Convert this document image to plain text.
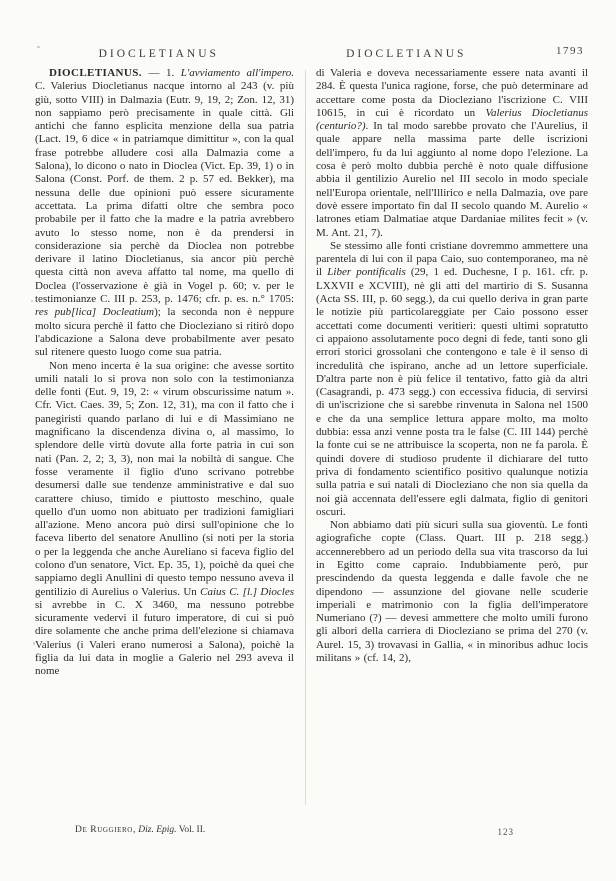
DIOCLETIANUS	DIOCLETIANUS	1793

DIOCLETIANUS. — 1. L'avviamento all'impero. C. Valerius Diocletianus nacque intorno al 243 (v. più giù, sotto VIII) in Dalmazia (Eutr. 9, 19, 2; Zon. 12, 31) non sappiamo però precisamente in quale città. Gli antichi che fanno esplicita menzione della sua patria (Lact. 19, 6 dice « in patriamque dimittitur », con la qual frase potrebbe alludere così alla Dalmazia come a Salona), lo dicono o nato in Dioclea (Vict. Ep. 39, 1) o in Salona (Const. Porf. de them. 2 p. 57 ed. Bekker), ma nessuna delle due opinioni può essere sicuramente accettata. La prima difatti oltre che sembra poco probabile per il fatto che la madre e la patria avrebbero avuto lo stesso nome, non è da prendersi in considerazione sia perchè da Dioclea non potrebbe derivare il latino Diocletianus, sia ancor più perchè questa città non aveva affatto tal nome, ma quello di Doclea (l'osservazione è già in Vogel p. 60; v. per le testimonianze C. III p. 253, p. 1476; cfr. p. es. n.° 1705: res pub[lica] Docleatium); la seconda non è neppure molto sicura perchè il fatto che Diocleziano si ritirò dopo l'abdicazione a Salona deve probabilmente aver pesato sul ritenere questo luogo come sua patria.

Non meno incerta è la sua origine: che avesse sortito umili natali lo si prova non solo con la testimonianza delle fonti (Eut. 9, 19, 2: « virum obscurissime natum ». Cfr. Vict. Caes. 39, 5; Zon. 12, 31), ma con il fatto che i panegiristi quando parlano di lui e di Massimiano ne magnificano la discendenza divina o, al massimo, lo splendore delle virtù dovute alla forte patria in cui son nati (Pan. 2, 2; 3, 3), non mai la nobiltà di sangue. Che fosse veramente il figlio d'uno scrivano potrebbe desumersi dalle sue tendenze amministrative e dal suo carattere chiuso, timido e piuttosto meschino, quale quello d'un uomo non abituato per tradizioni famigliari all'azione. Meno ancora può dirsi sull'opinione che lo faceva liberto del senatore Anullino (si noti per la storia o per la leggenda che anche Aureliano si faceva figlio del colono d'un senatore, Vict. Ep. 35, 1), poichè da quei che sappiamo degli Anullini di questo tempo nessuno aveva il gentilizio di Aurelius o Valerius. Un Caius C. [l.] Diocles si avrebbe in C. X 3460, ma nessuno potrebbe sicuramente vedervi il futuro imperatore, di cui si può dire solamente che anche prima dell'elezione si chiamava Valerius (i Valeri erano numerosi a Salona), poichè la figlia da lui data in moglie a Galerio nel 293 aveva il nome

di Valeria e doveva necessariamente essere nata avanti il 284. È questa l'unica ragione, forse, che può determinare ad accettare come posta da Diocleziano l'iscrizione C. VIII 10615, in cui è ricordato un Valerius Diocletianus (centurio?). In tal modo sarebbe provato che l'Aurelius, il quale appare nella massima parte delle iscrizioni dell'impero, fu da lui aggiunto al nome dopo l'elezione. La cosa è però molto dubbia perchè è noto quale diffusione abbia il gentilizio Aurelio nel III secolo in modo speciale nell'Europa orientale, nell'Illirico e nella Dalmazia, ove pare dovè essere importato fin dal II secolo quando M. Aurelio « latrones etiam Dalmatiae atque Dardaniae milites fecit » (v. M. Ant. 21, 7).

Se stessimo alle fonti cristiane dovremmo ammettere una parentela di lui con il papa Caio, suo contemporaneo, ma nè il Liber pontificalis (29, 1 ed. Duchesne, I p. 161. cfr. p. LXXVII e XCVIII), nè gli atti del martirio di S. Susanna (Acta SS. III, p. 60 segg.), da cui quello deriva in gran parte le notizie più particolareggiate per Caio possono esser accettati come documenti veritieri: questi ultimi sopratutto ci appaiono assolutamente poco degni di fede, tanti sono gli errori storici grossolani che contengono e tale è il senso di incredulità che ispirano, anche ad un lettore superficiale. D'altra parte non è più felice il tentativo, fatto già da altri (Casagrandi, p. 473 segg.) con eccessiva fiducia, di servirsi di un'iscrizione che si sarebbe rinvenuta in Salona nel 1500 e che da una semplice lettura appare molto, ma molto dubbia: essa anzi venne posta tra le false (C. III 144) perchè la fonte cui se ne attribuisce la scoperta, non ne fa parola. È quindi dovere di studioso prudente il dichiarare del tutto priva di fondamento scientifico positivo qualunque notizia sulla patria e sui natali di Diocleziano che non sia quella da noi già accennata dell'essere egli dalmata, figlio di genitori oscuri.

Non abbiamo dati più sicuri sulla sua gioventù. Le fonti agiografiche copte (Class. Quart. III p. 218 segg.) accennerebbero ad un periodo della sua vita trascorso da lui in Egitto come capraio. Indubbiamente però, pur prescindendo da questa leggenda e dalle favole che ne dipendono — assunzione del giovane nelle scuderie imperiali e matrimonio con la figlia dell'imperatore Numeriano (?) — devesi ammettere che molto umili furono gli albori della carriera di Diocleziano se prima del 270 (v. Aurel. 15, 3) trovavasi in Gallia, « in minoribus adhuc locis militans » (cf. 14, 2),

De Ruggiero, Diz. Epig. Vol. II.	123
